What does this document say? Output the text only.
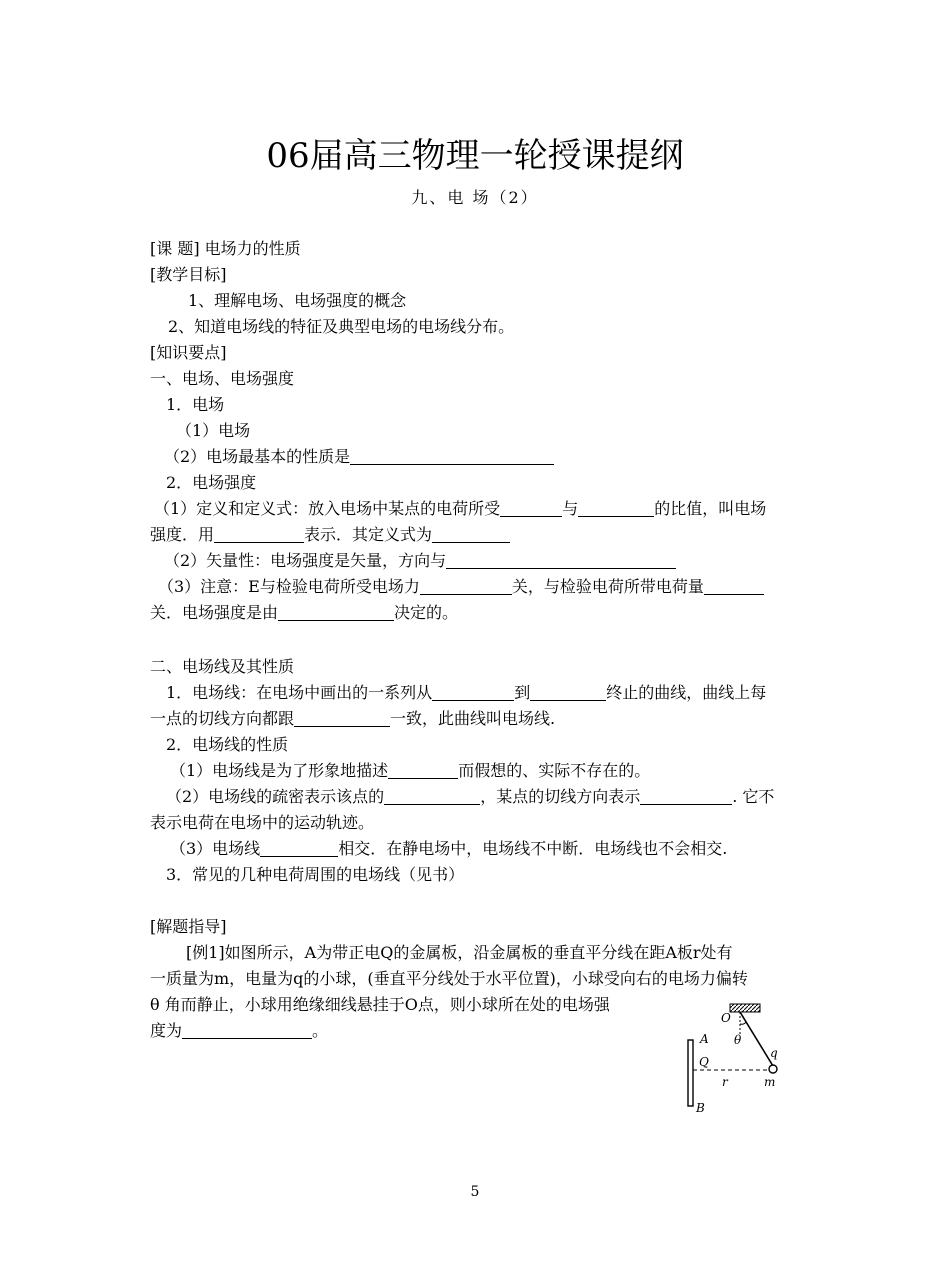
06届高三物理一轮授课提纲
九、电 场（2）
[课 题] 电场力的性质
[教学目标]
1、理解电场、电场强度的概念
2、知道电场线的特征及典型电场的电场线分布。
[知识要点]
一、电场、电场强度
1．电场
（1）电场
（2）电场最基本的性质是
2．电场强度
（1）定义和定义式：放入电场中某点的电荷所受	与	的比值，叫电场
强度．用	表示．其定义式为
（2）矢量性：电场强度是矢量，方向与
（3）注意：E与检验电荷所受电场力	关，与检验电荷所带电荷量
关．电场强度是由	决定的。
二、电场线及其性质
1．电场线：在电场中画出的一系列从	到	终止的曲线，曲线上每
一点的切线方向都跟	一致，此曲线叫电场线.
2．电场线的性质
（1）电场线是为了形象地描述	而假想的、实际不存在的。
（2）电场线的疏密表示该点的	，某点的切线方向表示	. 它不
表示电荷在电场中的运动轨迹。
（3）电场线	相交．在静电场中，电场线不中断．电场线也不会相交.
3．常见的几种电荷周围的电场线（见书）
[解题指导]
[例1]如图所示，A为带正电Q的金属板，沿金属板的垂直平分线在距A板r处有
一质量为m，电量为q的小球，(垂直平分线处于水平位置)，小球受向右的电场力偏转
θ 角而静止，小球用绝缘细线悬挂于O点，则小球所在处的电场强
度为	。	A
Q
B
O
θ
q
r	m
5
